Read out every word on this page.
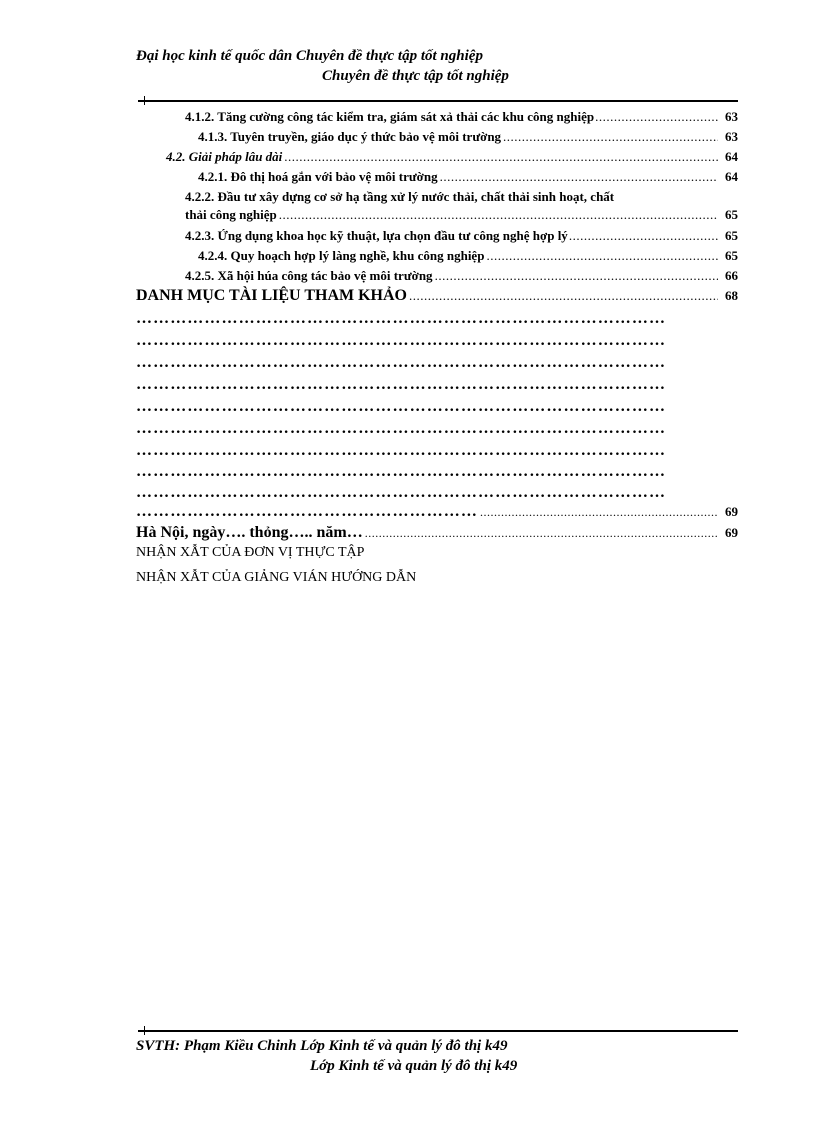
Đại học kinh tế quốc dân Chuyên đề thực tập tốt nghiệp
Chuyên đề thực tập tốt nghiệp
4.1.2. Tăng cường công tác kiểm tra, giám sát xả thải các khu công nghiệp .....	63
4.1.3. Tuyên truyền, giáo dục ý thức bảo vệ môi trường .....	63
4.2. Giải pháp lâu dài .....	64
4.2.1. Đô thị hoá gắn với bảo vệ môi trường .....	64
4.2.2. Đầu tư xây dựng cơ sở hạ tầng xử lý nước thải, chất thải sinh hoạt, chất
thải công nghiệp .....	65
4.2.3. Ứng dụng khoa học kỹ thuật, lựa chọn đầu tư công nghệ hợp lý .....	65
4.2.4. Quy hoạch hợp lý làng nghề, khu công nghiệp .....	65
4.2.5. Xã hội húa công tác bảo vệ môi trường .....	66
DANH MỤC TÀI LIỆU THAM KHẢO .....	68
…………………………………………………………………………………
…………………………………………………………………………………
…………………………………………………………………………………
…………………………………………………………………………………
…………………………………………………………………………………
…………………………………………………………………………………
…………………………………………………………………………………
…………………………………………………………………………………
…………………………………………………………………………………
…………………………………………………… .....	69
Hà Nội, ngày…. thỏng….. năm… .....	69
NHẬN XẪT CỦA ĐƠN VỊ THỰC TẬP
NHẬN XẪT CỦA GIẢNG VIÁN HƯỚNG DẪN
SVTH: Phạm Kiều Chinh Lớp Kinh tế và quản lý đô thị k49
Lớp Kinh tế và quản lý đô thị k49
